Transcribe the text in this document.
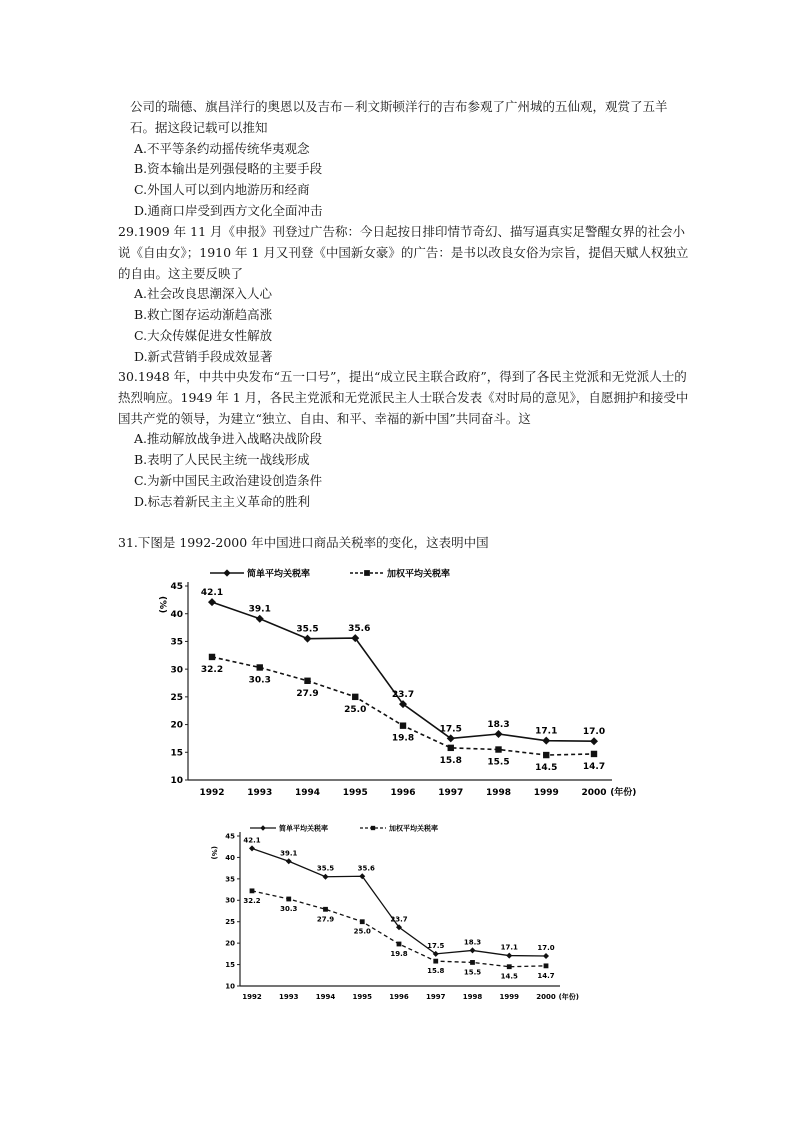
公司的瑞德、旗昌洋行的奥恩以及吉布－利文斯顿洋行的吉布参观了广州城的五仙观，观赏了五羊石。据这段记载可以推知

A.不平等条约动摇传统华夷观念

B.资本输出是列强侵略的主要手段

C.外国人可以到内地游历和经商

D.通商口岸受到西方文化全面冲击

29.1909 年 11 月《申报》刊登过广告称：今日起按日排印情节奇幻、描写逼真实足警醒女界的社会小说《自由女》；1910 年 1 月又刊登《中国新女豪》的广告：是书以改良女俗为宗旨，提倡天赋人权独立的自由。这主要反映了

A.社会改良思潮深入人心

B.救亡图存运动渐趋高涨

C.大众传媒促进女性解放

D.新式营销手段成效显著

30.1948 年，中共中央发布“五一口号”，提出“成立民主联合政府”，得到了各民主党派和无党派人士的热烈响应。1949 年 1 月，各民主党派和无党派民主人士联合发表《对时局的意见》，自愿拥护和接受中国共产党的领导，为建立“独立、自由、和平、幸福的新中国”共同奋斗。这

A.推动解放战争进入战略决战阶段

B.表明了人民民主统一战线形成

C.为新中国民主政治建设创造条件

D.标志着新民主主义革命的胜利

31.下图是 1992-2000 年中国进口商品关税率的变化，这表明中国

10
15
20
25
30
35
40
45
(%)
1992	1993	1994	1995	1996	1997	1998	1999	2000 (年份)
42.1
39.1
35.5	35.6
23.7
17.5	18.3
17.1	17.0
32.2
30.3
27.9
25.0
19.8
15.8	15.5
14.5	14.7
简单平均关税率	加权平均关税率
10
15
20
25
30
35
40
45
(%)
1992 1993 1994 1995 1996 1997 1998 1999 2000 (年份)
42.1
39.1
35.5	35.6
23.7
17.5	18.3
17.1	17.0
32.2
30.3
27.9
25.0
19.8
15.8	15.5
14.5	14.7
简单平均关税率	加权平均关税率
